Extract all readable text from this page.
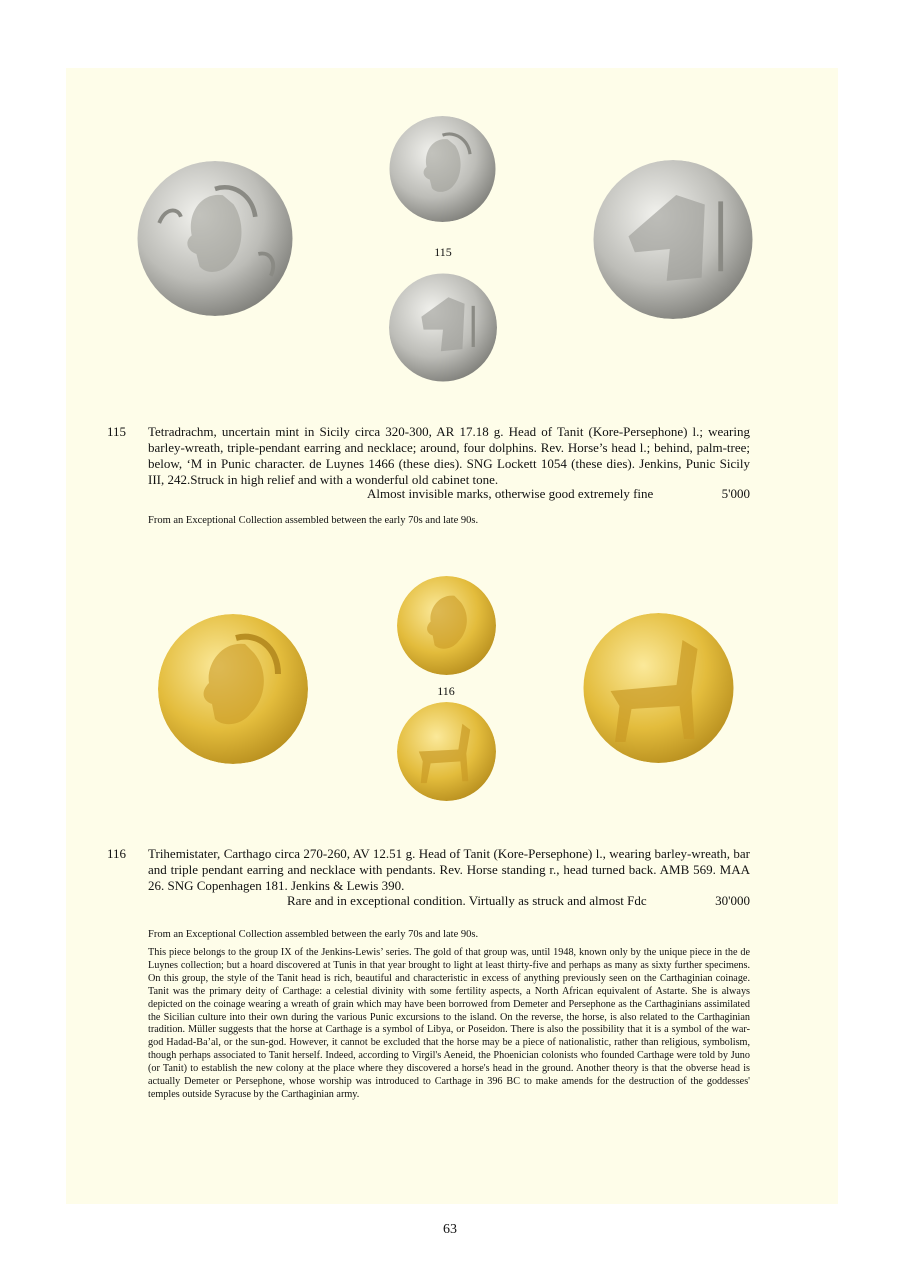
115
115 Tetradrachm, uncertain mint in Sicily circa 320-300, AR 17.18 g. Head of Tanit (Kore-Persephone) l.; wearing barley-wreath, triple-pendant earring and necklace; around, four dolphins. Rev. Horse’s head l.; behind, palm-tree; below, ‘M in Punic character. de Luynes 1466 (these dies). SNG Lockett 1054 (these dies). Jenkins, Punic Sicily III, 242.Struck in high relief and with a wonderful old cabinet tone.
Almost invisible marks, otherwise good extremely fine	5'000
From an Exceptional Collection assembled between the early 70s and late 90s.
116
116 Trihemistater, Carthago circa 270-260, AV 12.51 g. Head of Tanit (Kore-Persephone) l., wearing barley-wreath, bar and triple pendant earring and necklace with pendants. Rev. Horse standing r., head turned back. AMB 569. MAA 26. SNG Copenhagen 181. Jenkins & Lewis 390.
Rare and in exceptional condition. Virtually as struck and almost Fdc	30'000
From an Exceptional Collection assembled between the early 70s and late 90s.
This piece belongs to the group IX of the Jenkins-Lewis’ series. The gold of that group was, until 1948, known only by the unique piece in the de Luynes collection; but a hoard discovered at Tunis in that year brought to light at least thirty-five and perhaps as many as sixty further specimens. On this group, the style of the Tanit head is rich, beautiful and characteristic in excess of anything previously seen on the Carthaginian coinage. Tanit was the primary deity of Carthage: a celestial divinity with some fertility aspects, a North African equivalent of Astarte. She is always depicted on the coinage wearing a wreath of grain which may have been borrowed from Demeter and Persephone as the Carthaginians assimilated the Sicilian culture into their own during the various Punic excursions to the island. On the reverse, the horse, is also related to the Carthaginian tradition. Müller suggests that the horse at Carthage is a symbol of Libya, or Poseidon. There is also the possibility that it is a symbol of the war-god Hadad-Ba’al, or the sun-god. However, it cannot be excluded that the horse may be a piece of nationalistic, rather than religious, symbolism, though perhaps associated to Tanit herself. Indeed, according to Virgil's Aeneid, the Phoenician colonists who founded Carthage were told by Juno (or Tanit) to establish the new colony at the place where they discovered a horse's head in the ground. Another theory is that the obverse head is actually Demeter or Persephone, whose worship was introduced to Carthage in 396 BC to make amends for the destruction of the goddesses' temples outside Syracuse by the Carthaginian army.
63
